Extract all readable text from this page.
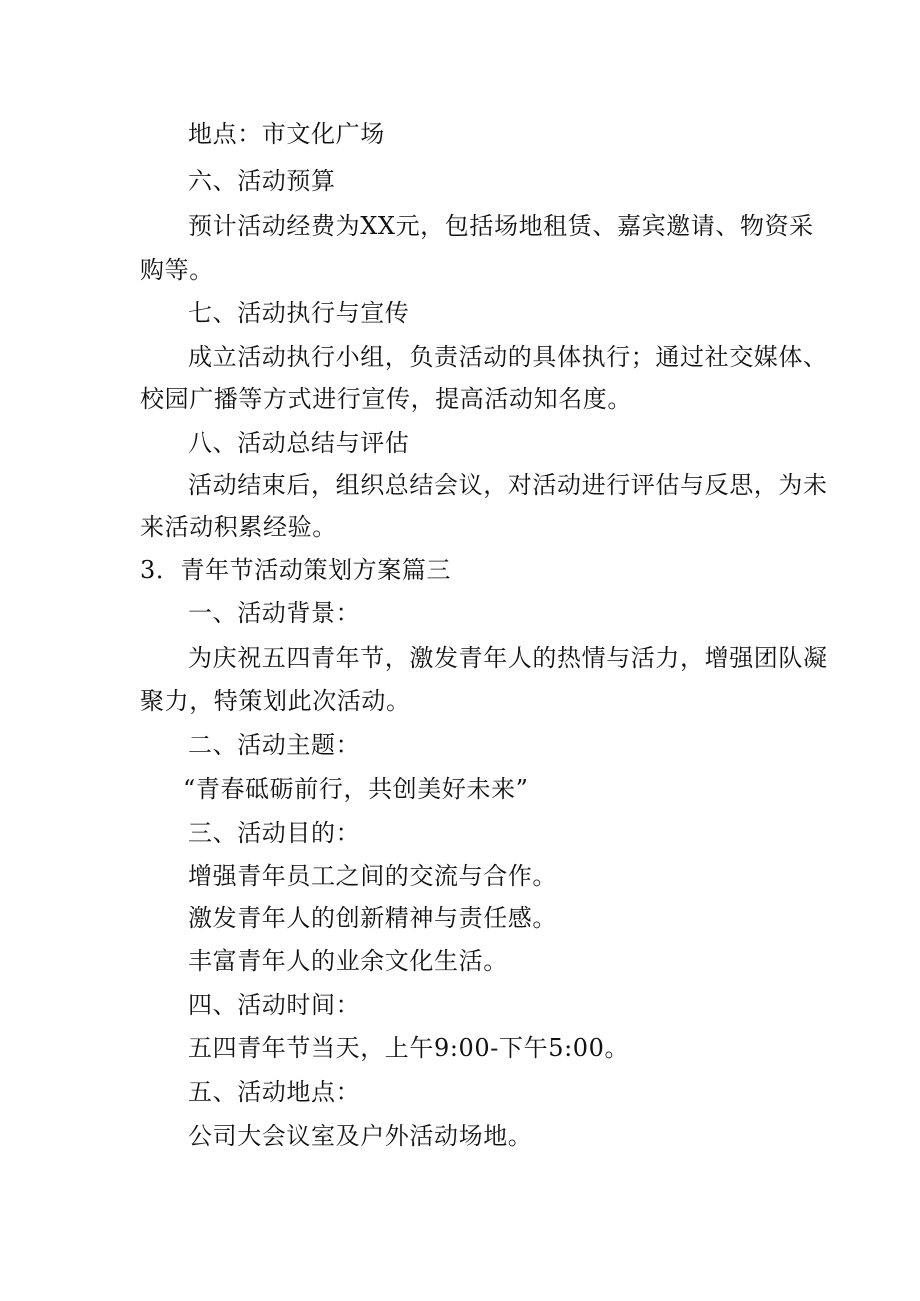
地点：市文化广场
六、活动预算
预计活动经费为XX元，包括场地租赁、嘉宾邀请、物资采
购等。
七、活动执行与宣传
成立活动执行小组，负责活动的具体执行；通过社交媒体、
校园广播等方式进行宣传，提高活动知名度。
八、活动总结与评估
活动结束后，组织总结会议，对活动进行评估与反思，为未
来活动积累经验。
3．青年节活动策划方案篇三
一、活动背景：
为庆祝五四青年节，激发青年人的热情与活力，增强团队凝
聚力，特策划此次活动。
二、活动主题：
“青春砥砺前行，共创美好未来”
三、活动目的：
增强青年员工之间的交流与合作。
激发青年人的创新精神与责任感。
丰富青年人的业余文化生活。
四、活动时间：
五四青年节当天，上午9:00-下午5:00。
五、活动地点：
公司大会议室及户外活动场地。
